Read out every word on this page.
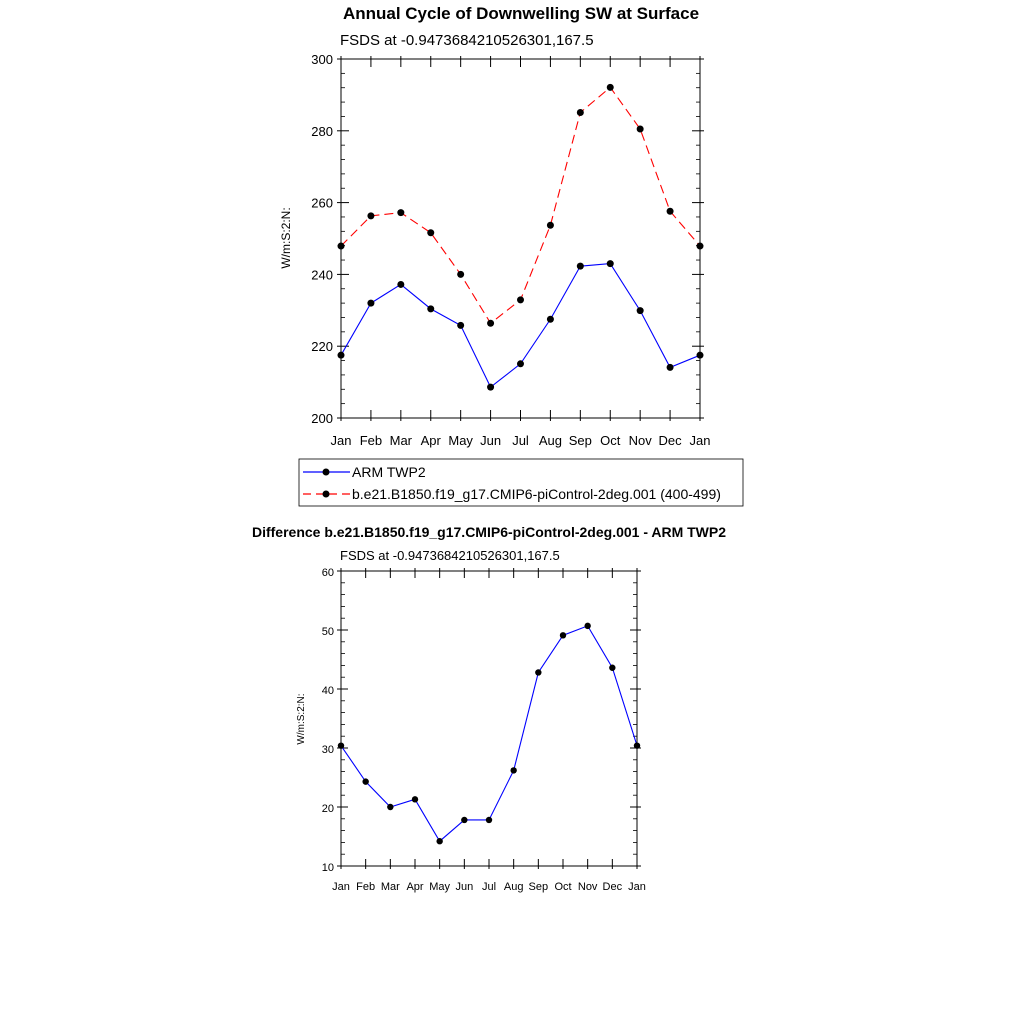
Annual Cycle of Downwelling SW at Surface
FSDS at -0.9473684210526301,167.5
W/m:S:2:N:
Jan Feb Mar Apr May Jun Jul Aug Sep Oct Nov Dec Jan
200
220
240
260
280
300
ARM TWP2
b.e21.B1850.f19_g17.CMIP6-piControl-2deg.001 (400-499)
Difference b.e21.B1850.f19_g17.CMIP6-piControl-2deg.001 - ARM TWP2
FSDS at -0.9473684210526301,167.5
W/m:S:2:N:
Jan Feb Mar Apr May Jun Jul Aug Sep Oct Nov Dec Jan
10
20
30
40
50
60
